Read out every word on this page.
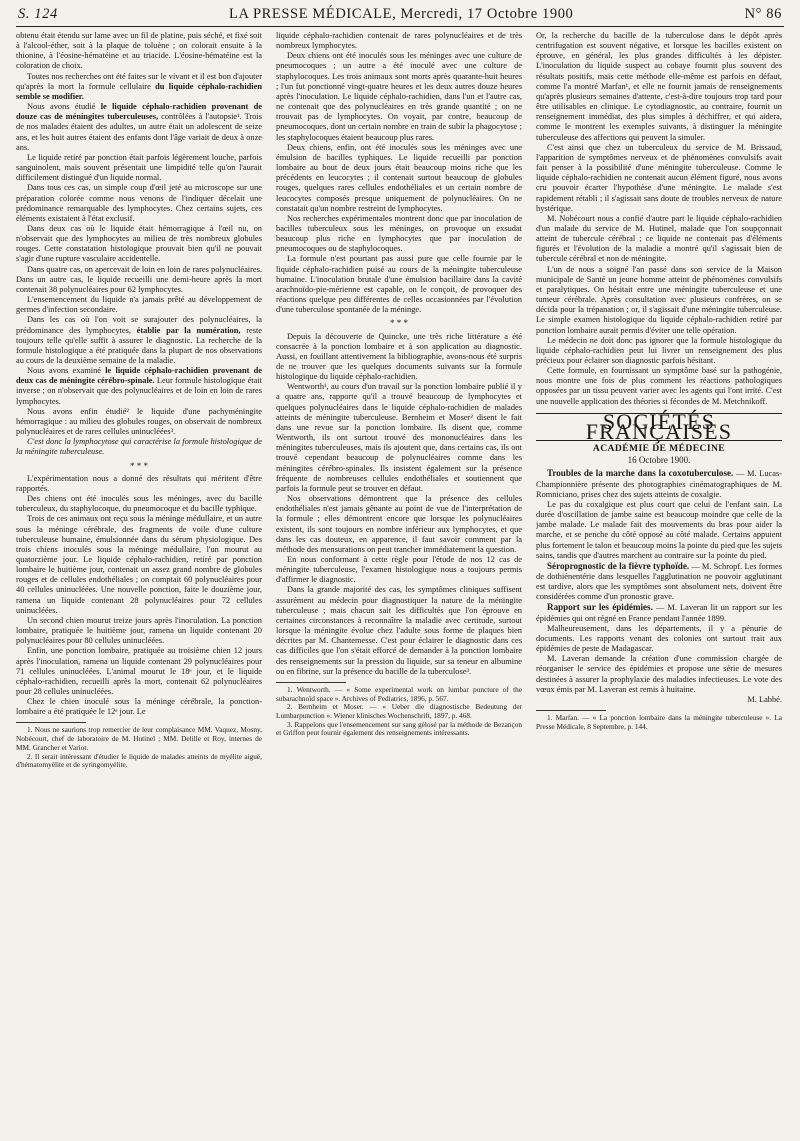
S. 124	LA PRESSE MÉDICALE, Mercredi, 17 Octobre 1900	N° 86

obtenu était étendu sur lame avec un fil de platine, puis séché, et fixé soit à l'alcool-éther, soit à la plaque de toluène ; on colorait ensuite à la thionine, à l'éosine-hématéine et au triacide. L'éosine-hématéine est la coloration de choix.

Toutes nos recherches ont été faites sur le vivant et il est bon d'ajouter qu'après la mort la formule cellulaire du liquide céphalo-rachidien semble se modifier.

Nous avons étudié le liquide céphalo-rachidien provenant de douze cas de méningites tuberculeuses, contrôlées à l'autopsie¹. Trois de nos malades étaient des adultes, un autre était un adolescent de seize ans, et les huit autres étaient des enfants dont l'âge variait de deux à onze ans.

Le liquide retiré par ponction était parfois légèrement louche, parfois sanguinolent, mais souvent présentait une limpidité telle qu'on l'aurait difficilement distingué d'un liquide normal.

Dans tous ces cas, un simple coup d'œil jeté au microscope sur une préparation colorée comme nous venons de l'indiquer décelait une prédominance remarquable des lymphocytes. Chez certains sujets, ces éléments existaient à l'état exclusif.

Dans deux cas où le liquide était hémorragique à l'œil nu, on n'observait que des lymphocytes au milieu de très nombreux globules rouges. Cette constatation histologique prouvait bien qu'il ne pouvait s'agir d'une rupture vasculaire accidentelle.

Dans quatre cas, on apercevait de loin en loin de rares polynucléaires. Dans un autre cas, le liquide recueilli une demi-heure après la mort contenait 38 polynucléaires pour 62 lymphocytes.

L'ensemencement du liquide n'a jamais prêté au développement de germes d'infection secondaire.

Dans les cas où l'on voit se surajouter des polynucléaires, la prédominance des lymphocytes, établie par la numération, reste toujours telle qu'elle suffit à assurer le diagnostic. La recherche de la formule histologique a été pratiquée dans la plupart de nos observations au cours de la deuxième semaine de la maladie.

Nous avons examiné le liquide céphalo-rachidien provenant de deux cas de méningite cérébro-spinale. Leur formule histologique était inverse ; on n'observait que des polynucléaires et de loin en loin de rares lymphocytes.

Nous avons enfin étudié² le liquide d'une pachyméningite hémorragique : au milieu des globules rouges, on observait de nombreux polynucléaires et de rares cellules uninucléées³.

C'est donc la lymphocytose qui caractérise la formule histologique de la méningite tuberculeuse.

* * *

L'expérimentation nous a donné des résultats qui méritent d'être rapportés.

Des chiens ont été inoculés sous les méninges, avec du bacille tuberculeux, du staphylocoque, du pneumocoque et du bacille typhique.

Trois de ces animaux ont reçu sous la méninge médullaire, et un autre sous la méninge cérébrale, des fragments de voile d'une culture tuberculeuse humaine, émulsionnée dans du sérum physiologique. Des trois chiens inoculés sous la méninge médullaire, l'un mourut au quatorzième jour. Le liquide céphalo-rachidien, retiré par ponction lombaire le huitième jour, contenait un assez grand nombre de globules rouges et de cellules endothéliales ; on comptait 60 polynucléaires pour 40 cellules uninucléées. Une nouvelle ponction, faite le douzième jour, ramena un liquide contenant 28 polynucléaires pour 72 cellules uninucléées.

Un second chien mourut treize jours après l'inoculation. La ponction lombaire, pratiquée le huitième jour, ramena un liquide contenant 20 polynucléaires pour 80 cellules uninucléées.

Enfin, une ponction lombaire, pratiquée au troisième chien 12 jours après l'inoculation, ramena un liquide contenant 29 polynucléaires pour 71 cellules uninucléées. L'animal mourut le 18ᵉ jour, et le liquide céphalo-rachidien, recueilli après la mort, contenait 62 polynucléaires pour 28 cellules uninucléées.

Chez le chien inoculé sous la méninge cérébrale, la ponction-lombaire a été pratiquée le 12ᵉ jour. Le

1. Nous ne saurions trop remercier de leur complaisance MM. Vaquez, Mosny, Nobécourt, chef de laboratoire de M. Hutinel ; MM. Delille et Roy, internes de MM. Grancher et Variot.

2. Il serait intéressant d'étudier le liquide de malades atteints de myélite aiguë, d'hématomyélite et de syringomyélite.

liquide céphalo-rachidien contenait de rares polynucléaires et de très nombreux lymphocytes.

Deux chiens ont été inoculés sous les méninges avec une culture de pneumocoques ; un autre a été inoculé avec une culture de staphylocoques. Les trois animaux sont morts après quarante-huit heures ; l'un fut ponctionné vingt-quatre heures et les deux autres douze heures après l'inoculation. Le liquide céphalo-rachidien, dans l'un et l'autre cas, ne contenait que des polynucléaires en très grande quantité ; on ne trouvait pas de lymphocytes. On voyait, par contre, beaucoup de pneumocoques, dont un certain nombre en train de subir la phagocytose ; les staphylocoques étaient beaucoup plus rares.

Deux chiens, enfin, ont été inoculés sous les méninges avec une émulsion de bacilles typhiques. Le liquide recueilli par ponction lombaire au bout de deux jours était beaucoup moins riche que les précédents en leucocytes ; il contenait surtout beaucoup de globules rouges, quelques rares cellules endothéliales et un certain nombre de leucocytes composés presque uniquement de polynucléaires. On ne constatait qu'un nombre restreint de lymphocytes.

Nos recherches expérimentales montrent donc que par inoculation de bacilles tuberculeux sous les méninges, on provoque un exsudat beaucoup plus riche en lymphocytes que par inoculation de pneumocoques ou de staphylocoques.

La formule n'est pourtant pas aussi pure que celle fournie par le liquide céphalo-rachidien puisé au cours de la méningite tuberculeuse humaine. L'inoculation brutale d'une émulsion bacillaire dans la cavité arachnoïdo-pie-mérienne est capable, on le conçoit, de provoquer des réactions quelque peu différentes de celles occasionnées par l'évolution d'une tuberculose spontanée de la méninge.

* * *

Depuis la découverte de Quincke, une très riche littérature a été consacrée à la ponction lombaire et à son application au diagnostic. Aussi, en fouillant attentivement la bibliographie, avons-nous été surpris de ne trouver que les quelques documents suivants sur la formule histologique du liquide céphalo-rachidien.

Wentworth¹, au cours d'un travail sur la ponction lombaire publié il y a quatre ans, rapporte qu'il a trouvé beaucoup de lymphocytes et quelques polynucléaires dans le liquide céphalo-rachidien de malades atteints de méningite tuberculeuse. Bernheim et Moser² disent le fait dans une revue sur la ponction lombaire. Ils disent que, comme Wentworth, ils ont surtout trouvé des mononucléaires dans les méningites tuberculeuses, mais ils ajoutent que, dans certains cas, ils ont trouvé cependant beaucoup de polynucléaires comme dans les méningites cérébro-spinales. Ils insistent également sur la présence fréquente de nombreuses cellules endothéliales et soutiennent que parfois la formule peut se trouver en défaut.

Nos observations démontrent que la présence des cellules endothéliales n'est jamais gênante au point de vue de l'interprétation de la formule ; elles démontrent encore que lorsque les polynucléaires existent, ils sont toujours en nombre inférieur aux lymphocytes, et que dans les cas douteux, en apparence, il faut savoir comment par la méthode des mensurations on peut trancher immédiatement la question.

En nous conformant à cette règle pour l'étude de nos 12 cas de méningite tuberculeuse, l'examen histologique nous a toujours permis d'affirmer le diagnostic.

Dans la grande majorité des cas, les symptômes cliniques suffisent assurément au médecin pour diagnostiquer la nature de la méningite tuberculeuse ; mais chacun sait les difficultés que l'on éprouve en certaines circonstances à reconnaître la maladie avec certitude, surtout lorsque la méningite évolue chez l'adulte sous forme de plaques bien décrites par M. Chantemesse. C'est pour éclairer le diagnostic dans ces cas difficiles que l'on s'était efforcé de demander à la ponction lombaire des renseignements sur la pression du liquide, sur sa teneur en albumine ou en fibrine, sur la présence du bacille de la tuberculose³.

1. Wentworth. — « Some experimental work on lumbar puncture of the subarachnoïd space ». Archives of Pediatrics, 1896, p. 567.

2. Bernheim et Moser. — « Ueber die diagnostische Bedeutung der Lumbarpunction ». Wiener klinisches Wochenschrift, 1897, p. 468.

3. Rappelons que l'ensemencement sur sang gélosé par la méthode de Bezançon et Griffon peut fournir également des renseignements intéressants.

Or, la recherche du bacille de la tuberculose dans le dépôt après centrifugation est souvent négative, et lorsque les bacilles existent on éprouve, en général, les plus grandes difficultés à les dépister. L'inoculation du liquide suspect au cobaye fournit plus souvent des résultats positifs, mais cette méthode elle-même est parfois en défaut, comme l'a montré Marfan¹, et elle ne fournit jamais de renseignements qu'après plusieurs semaines d'attente, c'est-à-dire toujours trop tard pour être utilisables en clinique. Le cytodiagnostic, au contraire, fournit un renseignement immédiat, des plus simples à déchiffrer, et qui aidera, comme le montrent les exemples suivants, à distinguer la méningite tuberculeuse des affections qui peuvent la simuler.

C'est ainsi que chez un tuberculeux du service de M. Brissaud, l'apparition de symptômes nerveux et de phénomènes convulsifs avait fait penser à la possibilité d'une méningite tuberculeuse. Comme le liquide céphalo-rachidien ne contenait aucun élément figuré, nous avons cru pouvoir écarter l'hypothèse d'une méningite. Le malade s'est rapidement rétabli ; il s'agissait sans doute de troubles nerveux de nature hystérique.

M. Nobécourt nous a confié d'autre part le liquide céphalo-rachidien d'un malade du service de M. Hutinel, malade que l'on soupçonnait atteint de tubercule cérébral ; ce liquide ne contenait pas d'éléments figurés et l'évolution de la maladie a montré qu'il s'agissait bien de tubercule cérébral et non de méningite.

L'un de nous a soigné l'an passé dans son service de la Maison municipale de Santé un jeune homme atteint de phénomènes convulsifs et paralytiques. On hésitait entre une méningite tuberculeuse et une tumeur cérébrale. Après consultation avec plusieurs confrères, on se décida pour la trépanation ; or, il s'agissait d'une méningite tuberculeuse. Le simple examen histologique du liquide céphalo-rachidien retiré par ponction lombaire aurait permis d'éviter une telle opération.

Le médecin ne doit donc pas ignorer que la formule histologique du liquide céphalo-rachidien peut lui livrer un renseignement des plus précieux pour éclairer son diagnostic parfois hésitant.

Cette formule, en fournissant un symptôme basé sur la pathogénie, nous montre une fois de plus comment les réactions pathologiques opposées par un tissu peuvent varier avec les agents qui l'ont irrité. C'est une nouvelle application des théories si fécondes de M. Metchnikoff.

SOCIÉTÉS FRANÇAISES
ACADÉMIE DE MÉDECINE
16 Octobre 1900.

Troubles de la marche dans la coxotuberculose. — M. Lucas-Championnière présente des photographies cinématographiques de M. Romniciano, prises chez des sujets atteints de coxalgie.

Le pas du coxalgique est plus court que celui de l'enfant sain. La durée d'oscillation de jambe saine est beaucoup moindre que celle de la jambe malade. Le malade fait des mouvements du bras pour aider la marche, et se penche du côté opposé au côté malade. Certains appuient plus fortement le talon et beaucoup moins la pointe du pied que les sujets sains, tandis que d'autres marchent au contraire sur la pointe du pied.

Séroprognostic de la fièvre typhoïde. — M. Schropf. Les formes de dothiénentérie dans lesquelles l'agglutination ne pouvoir agglutinant est tardive, alors que les symptômes sont absolument nets, doivent être considérées comme d'un pronostic grave.

Rapport sur les épidémies. — M. Laveran lit un rapport sur les épidémies qui ont régné en France pendant l'année 1899.

Malheureusement, dans les départements, il y a pénurie de documents. Les rapports venant des colonies ont surtout trait aux épidémies de peste de Madagascar.

M. Laveran demande la création d'une commission chargée de réorganiser le service des épidémies et propose une série de mesures destinées à assurer la prophylaxie des maladies infectieuses. Le vote des vœux émis par M. Laveran est remis à huitaine.

M. Labbé.

1. Marfan. — « La ponction lombaire dans la méningite tuberculeuse ». La Presse Médicale, 8 Septembre, p. 144.
